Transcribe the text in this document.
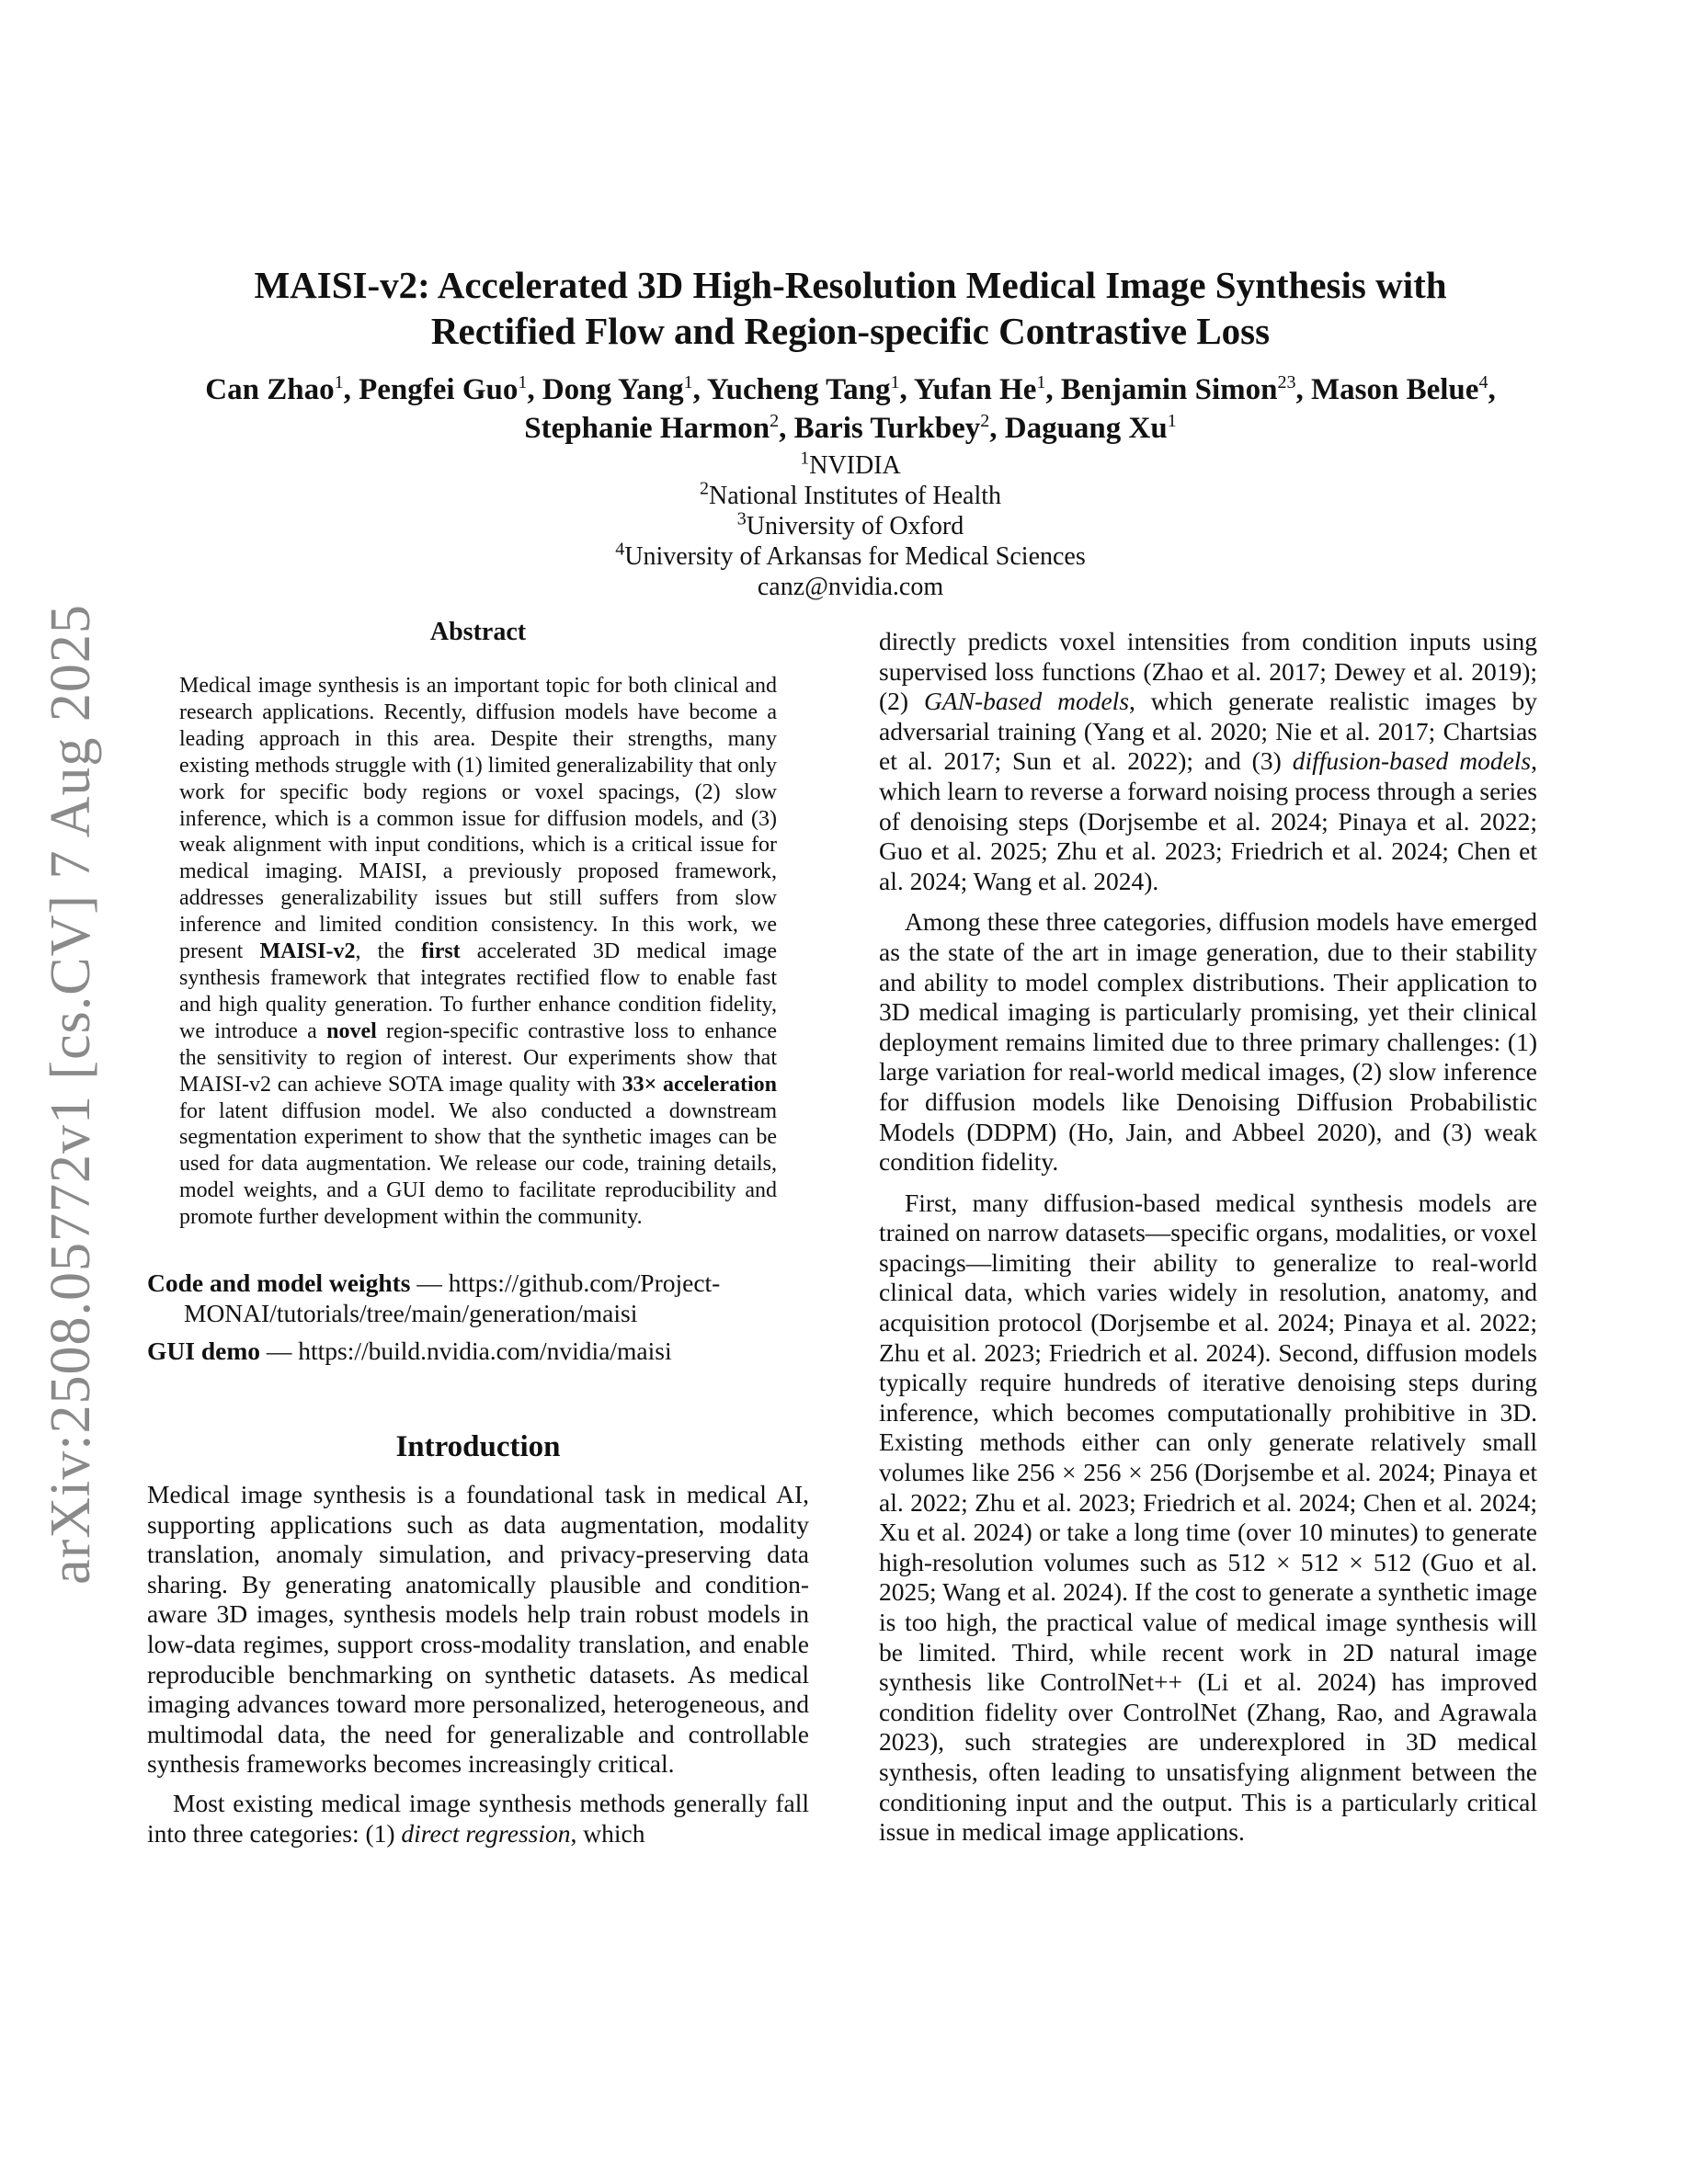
arXiv:2508.05772v1 [cs.CV] 7 Aug 2025
MAISI-v2: Accelerated 3D High-Resolution Medical Image Synthesis with
Rectified Flow and Region-specific Contrastive Loss
Can Zhao$^1$, Pengfei Guo$^1$, Dong Yang$^1$, Yucheng Tang$^1$, Yufan He$^1$, Benjamin Simon$^{23}$, Mason Belue$^4$, Stephanie Harmon$^2$, Baris Turkbey$^2$, Daguang Xu$^1$
$^1$NVIDIA
$^2$National Institutes of Health
$^3$University of Oxford
$^4$University of Arkansas for Medical Sciences
canz@nvidia.com
Abstract

Medical image synthesis is an important topic for both clinical and research applications. Recently, diffusion models have become a leading approach in this area. Despite their strengths, many existing methods struggle with (1) limited generalizability that only work for specific body regions or voxel spacings, (2) slow inference, which is a common issue for diffusion models, and (3) weak alignment with input conditions, which is a critical issue for medical imaging. MAISI, a previously proposed framework, addresses generalizability issues but still suffers from slow inference and limited condition consistency. In this work, we present MAISI-v2, the first accelerated 3D medical image synthesis framework that integrates rectified flow to enable fast and high quality generation. To further enhance condition fidelity, we introduce a novel region-specific contrastive loss to enhance the sensitivity to region of interest. Our experiments show that MAISI-v2 can achieve SOTA image quality with 33× acceleration for latent diffusion model. We also conducted a downstream segmentation experiment to show that the synthetic images can be used for data augmentation. We release our code, training details, model weights, and a GUI demo to facilitate reproducibility and promote further development within the community.

Code and model weights — https://github.com/Project-MONAI/tutorials/tree/main/generation/maisi
GUI demo — https://build.nvidia.com/nvidia/maisi
Introduction

Medical image synthesis is a foundational task in medical AI, supporting applications such as data augmentation, modality translation, anomaly simulation, and privacy-preserving data sharing. By generating anatomically plausible and condition-aware 3D images, synthesis models help train robust models in low-data regimes, support cross-modality translation, and enable reproducible benchmarking on synthetic datasets. As medical imaging advances toward more personalized, heterogeneous, and multimodal data, the need for generalizable and controllable synthesis frameworks becomes increasingly critical.

Most existing medical image synthesis methods generally fall into three categories: (1) direct regression, which

directly predicts voxel intensities from condition inputs using supervised loss functions (Zhao et al. 2017; Dewey et al. 2019); (2) GAN-based models, which generate realistic images by adversarial training (Yang et al. 2020; Nie et al. 2017; Chartsias et al. 2017; Sun et al. 2022); and (3) diffusion-based models, which learn to reverse a forward noising process through a series of denoising steps (Dorjsembe et al. 2024; Pinaya et al. 2022; Guo et al. 2025; Zhu et al. 2023; Friedrich et al. 2024; Chen et al. 2024; Wang et al. 2024).

Among these three categories, diffusion models have emerged as the state of the art in image generation, due to their stability and ability to model complex distributions. Their application to 3D medical imaging is particularly promising, yet their clinical deployment remains limited due to three primary challenges: (1) large variation for real-world medical images, (2) slow inference for diffusion models like Denoising Diffusion Probabilistic Models (DDPM) (Ho, Jain, and Abbeel 2020), and (3) weak condition fidelity.

First, many diffusion-based medical synthesis models are trained on narrow datasets—specific organs, modalities, or voxel spacings—limiting their ability to generalize to real-world clinical data, which varies widely in resolution, anatomy, and acquisition protocol (Dorjsembe et al. 2024; Pinaya et al. 2022; Zhu et al. 2023; Friedrich et al. 2024). Second, diffusion models typically require hundreds of iterative denoising steps during inference, which becomes computationally prohibitive in 3D. Existing methods either can only generate relatively small volumes like 256 × 256 × 256 (Dorjsembe et al. 2024; Pinaya et al. 2022; Zhu et al. 2023; Friedrich et al. 2024; Chen et al. 2024; Xu et al. 2024) or take a long time (over 10 minutes) to generate high-resolution volumes such as 512 × 512 × 512 (Guo et al. 2025; Wang et al. 2024). If the cost to generate a synthetic image is too high, the practical value of medical image synthesis will be limited. Third, while recent work in 2D natural image synthesis like ControlNet++ (Li et al. 2024) has improved condition fidelity over ControlNet (Zhang, Rao, and Agrawala 2023), such strategies are underexplored in 3D medical synthesis, often leading to unsatisfying alignment between the conditioning input and the output. This is a particularly critical issue in medical image applications.
